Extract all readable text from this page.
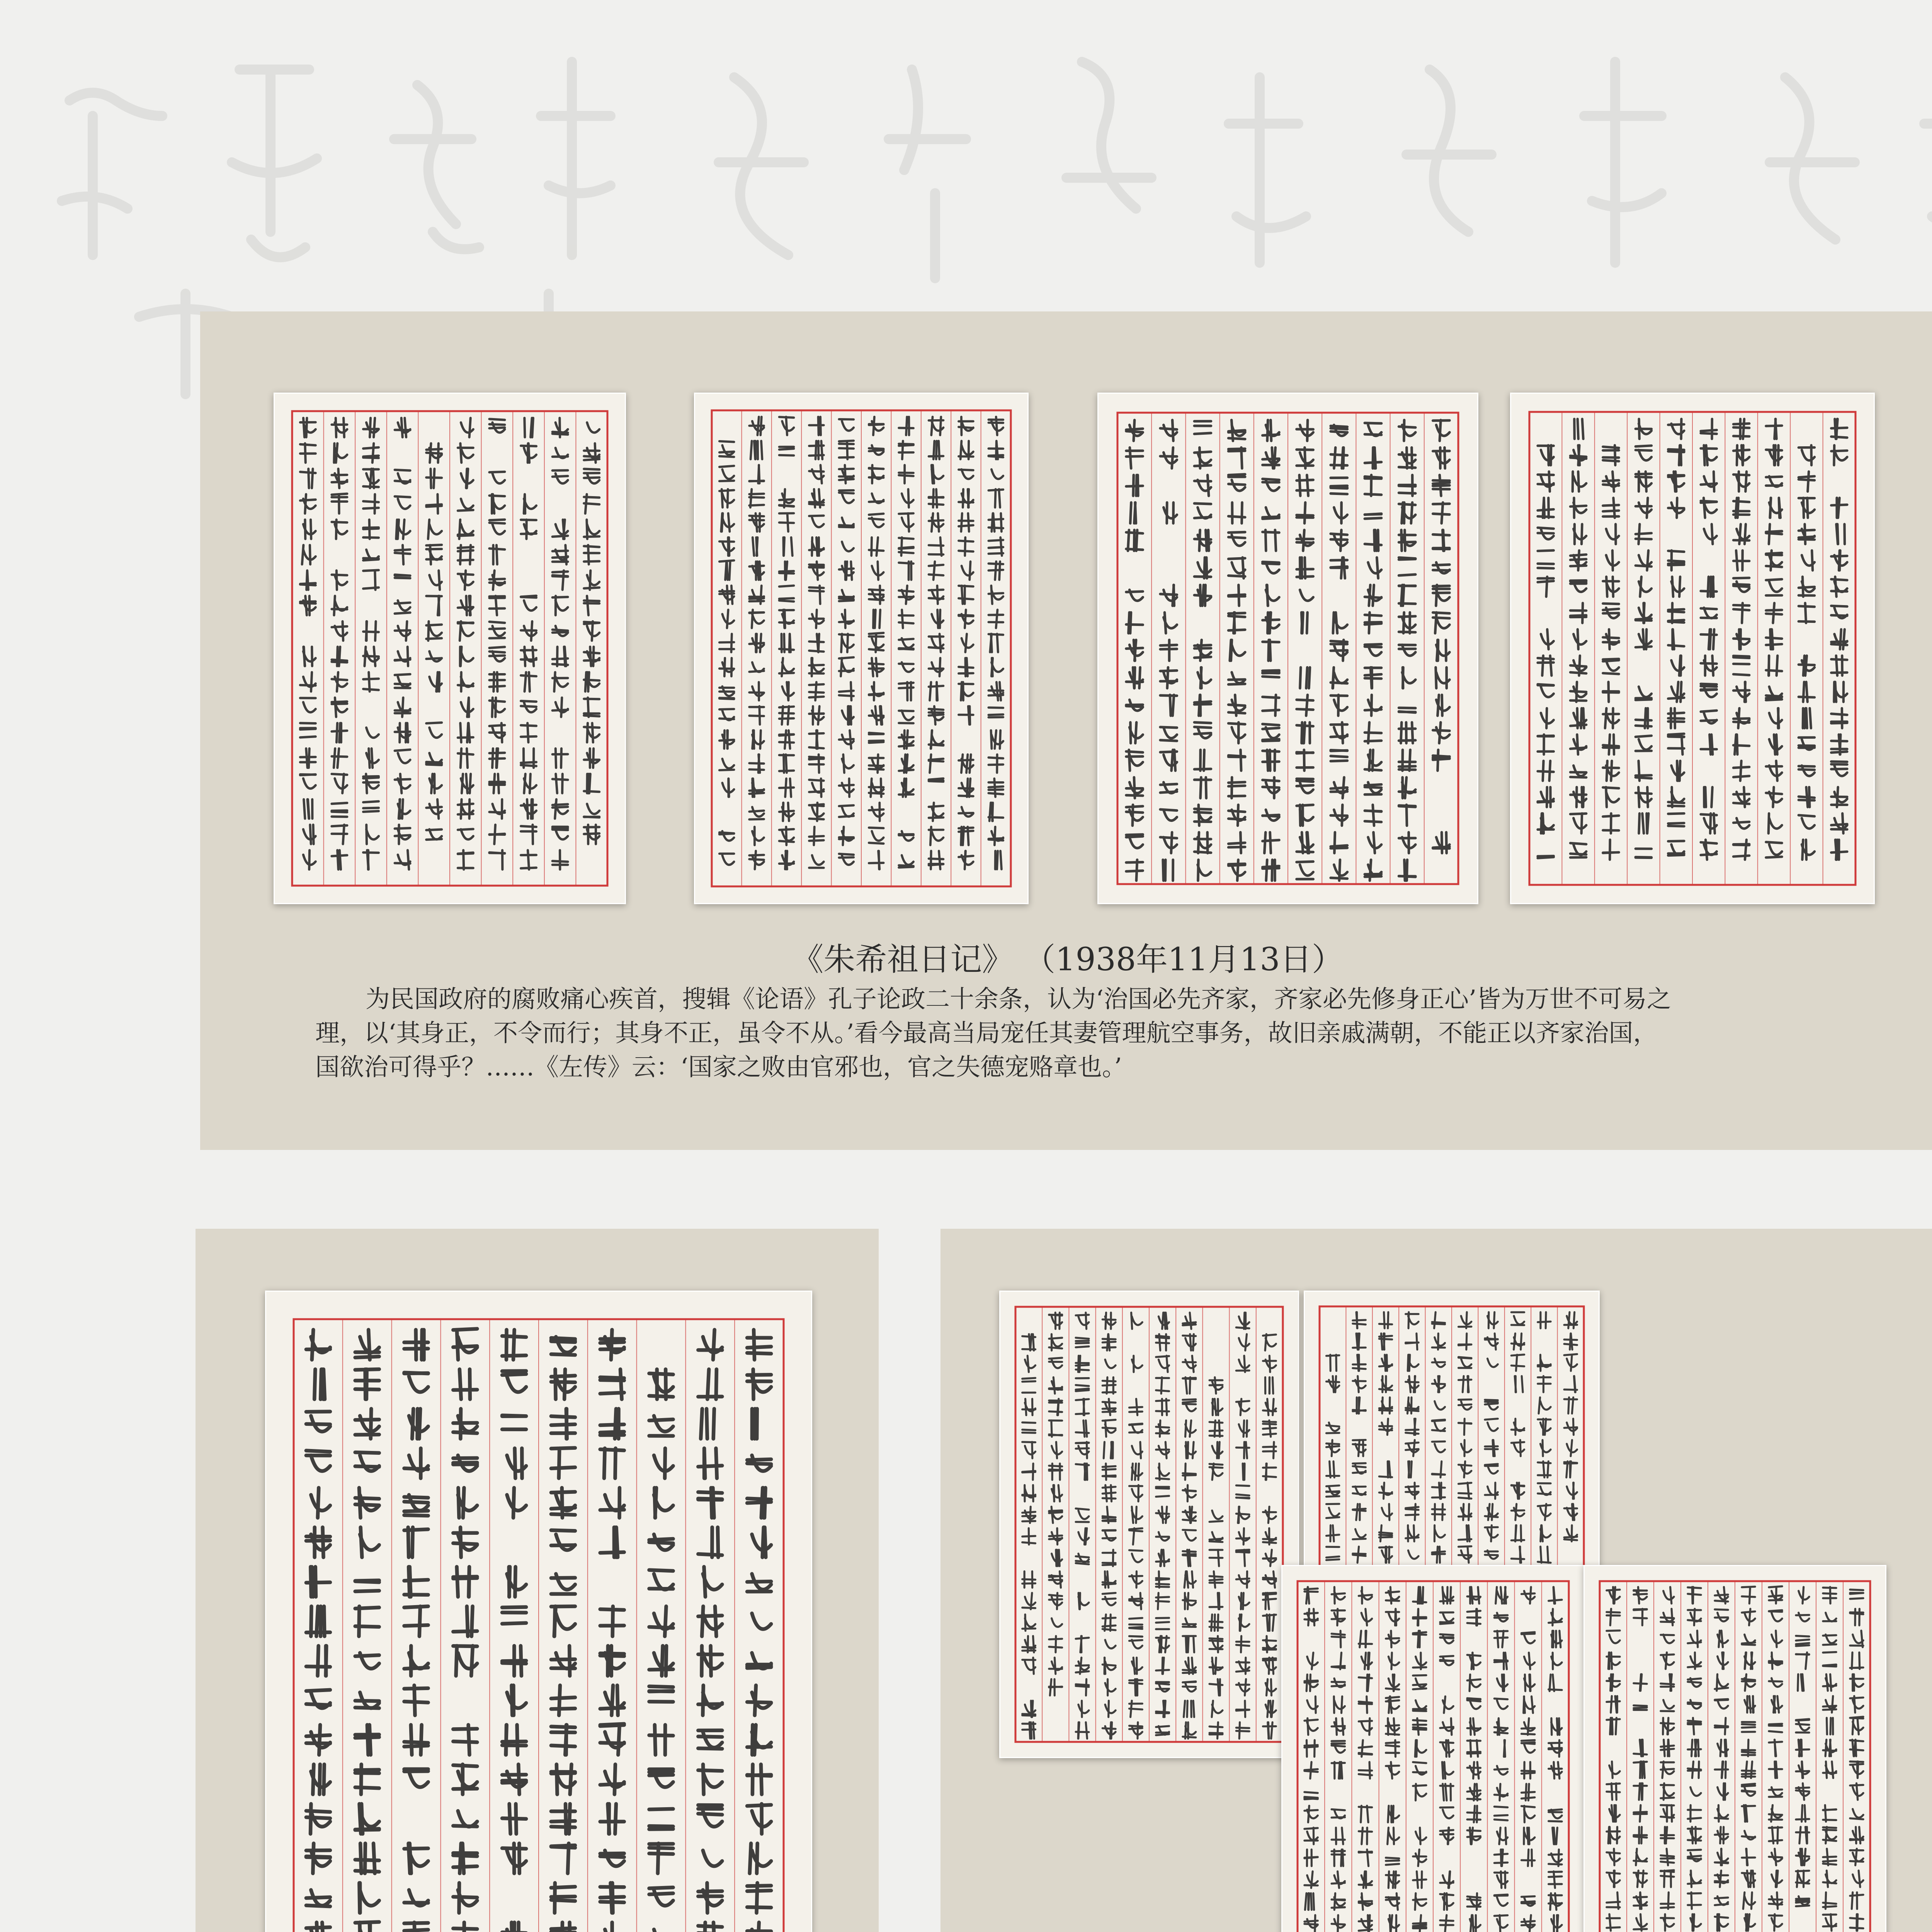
《朱希祖日记》 （1938年11月13日）
为民国政府的腐败痛心疾首，搜辑《论语》孔子论政二十余条，认为‘治国必先齐家，齐家必先修身正心’皆为万世不可易之
理，以‘其身正，不令而行；其身不正，虽令不从。’看今最高当局宠任其妻管理航空事务，故旧亲戚满朝，不能正以齐家治国，
国欲治可得乎？……《左传》云：‘国家之败由官邪也，官之失德宠赂章也。’
